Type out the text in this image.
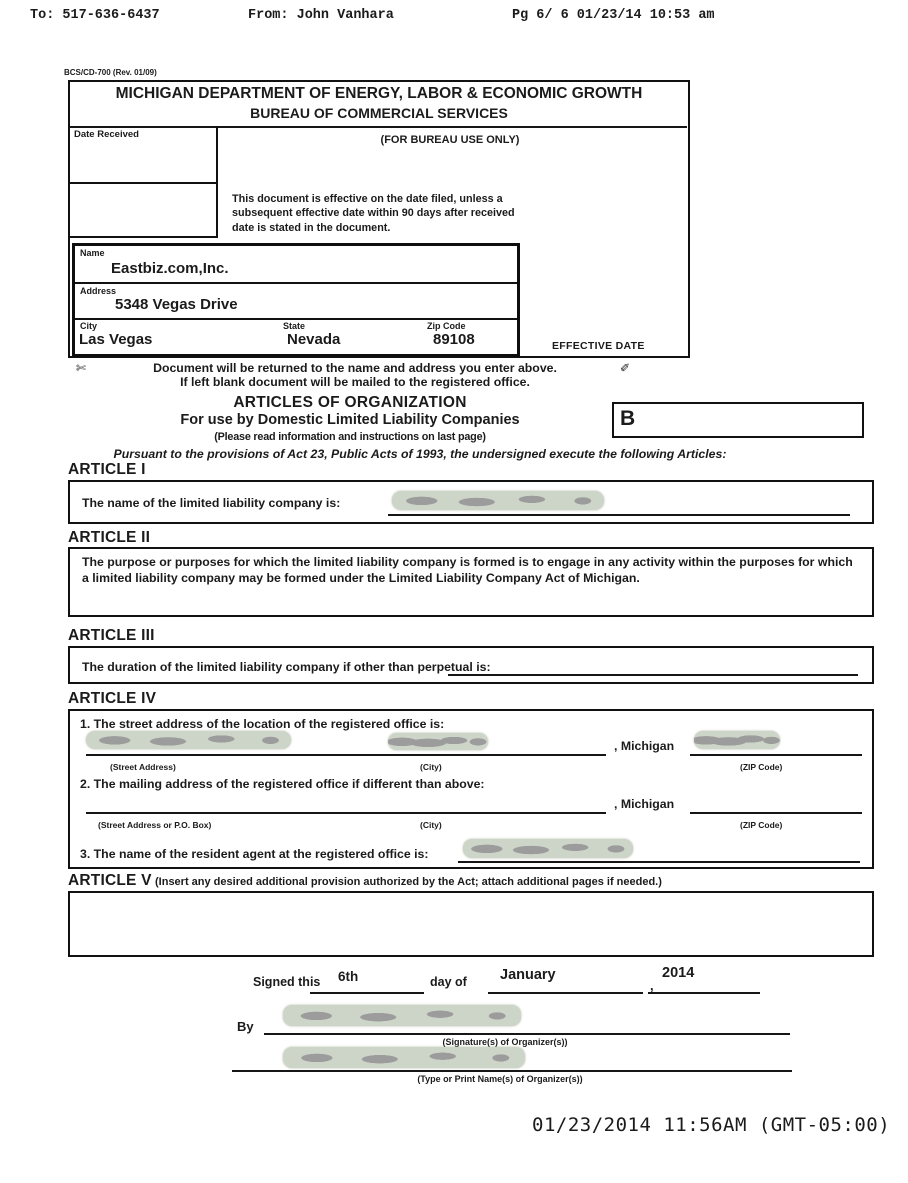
To: 517-636-6437	From: John Vanhara	Pg 6/ 6 01/23/14 10:53 am
BCS/CD-700 (Rev. 01/09)
MICHIGAN DEPARTMENT OF ENERGY, LABOR & ECONOMIC GROWTH
BUREAU OF COMMERCIAL SERVICES
Date Received	(FOR BUREAU USE ONLY)
This document is effective on the date filed, unless a subsequent effective date within 90 days after received date is stated in the document.
Name
Eastbiz.com,Inc.
Address
5348 Vegas Drive
City
Las Vegas
State
Nevada
Zip Code
89108	EFFECTIVE DATE
✄	Document will be returned to the name and address you enter above.	✐
If left blank document will be mailed to the registered office.
ARTICLES OF ORGANIZATION
For use by Domestic Limited Liability Companies
(Please read information and instructions on last page)
B
Pursuant to the provisions of Act 23, Public Acts of 1993, the undersigned execute the following Articles:
ARTICLE I
The name of the limited liability company is:
ARTICLE II
The purpose or purposes for which the limited liability company is formed is to engage in any activity within the purposes for which a limited liability company may be formed under the Limited Liability Company Act of Michigan.
ARTICLE III
The duration of the limited liability company if other than perpetual is:
ARTICLE IV
1. The street address of the location of the registered office is:
, Michigan
(Street Address)	(City)	(ZIP Code)
2. The mailing address of the registered office if different than above:
, Michigan
(Street Address or P.O. Box)	(City)	(ZIP Code)
3. The name of the resident agent at the registered office is:
ARTICLE V (Insert any desired additional provision authorized by the Act; attach additional pages if needed.)
Signed this 6th	day of January
,
2014
By
(Signature(s) of Organizer(s))
(Type or Print Name(s) of Organizer(s))
01/23/2014 11:56AM (GMT-05:00)
